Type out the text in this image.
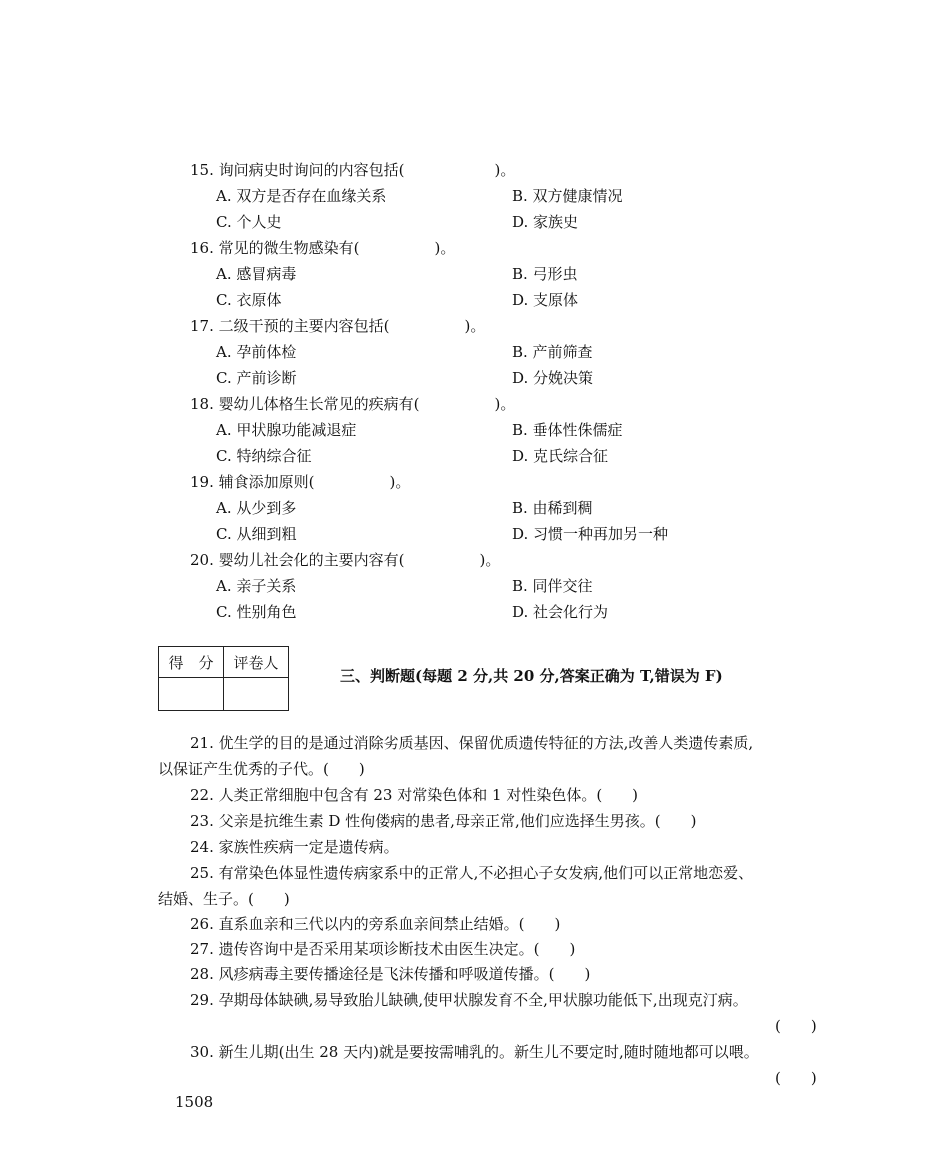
15. 询问病史时询问的内容包括(　　　　　　)。
A. 双方是否存在血缘关系	B. 双方健康情况
C. 个人史	D. 家族史
16. 常见的微生物感染有(　　　　　)。
A. 感冒病毒	B. 弓形虫
C. 衣原体	D. 支原体
17. 二级干预的主要内容包括(　　　　　)。
A. 孕前体检	B. 产前筛查
C. 产前诊断	D. 分娩决策
18. 婴幼儿体格生长常见的疾病有(　　　　　)。
A. 甲状腺功能减退症	B. 垂体性侏儒症
C. 特纳综合征	D. 克氏综合征
19. 辅食添加原则(　　　　　)。
A. 从少到多	B. 由稀到稠
C. 从细到粗	D. 习惯一种再加另一种
20. 婴幼儿社会化的主要内容有(　　　　　)。
A. 亲子关系	B. 同伴交往
C. 性别角色	D. 社会化行为
得　分	评卷人

三、判断题(每题 2 分,共 20 分,答案正确为 T,错误为 F)
21. 优生学的目的是通过消除劣质基因、保留优质遗传特征的方法,改善人类遗传素质,
以保证产生优秀的子代。(　　)
22. 人类正常细胞中包含有 23 对常染色体和 1 对性染色体。(　　)
23. 父亲是抗维生素 D 性佝偻病的患者,母亲正常,他们应选择生男孩。(　　)
24. 家族性疾病一定是遗传病。
25. 有常染色体显性遗传病家系中的正常人,不必担心子女发病,他们可以正常地恋爱、
结婚、生子。(　　)
26. 直系血亲和三代以内的旁系血亲间禁止结婚。(　　)
27. 遗传咨询中是否采用某项诊断技术由医生决定。(　　)
28. 风疹病毒主要传播途径是飞沫传播和呼吸道传播。(　　)
29. 孕期母体缺碘,易导致胎儿缺碘,使甲状腺发育不全,甲状腺功能低下,出现克汀病。
(　　)
30. 新生儿期(出生 28 天内)就是要按需哺乳的。新生儿不要定时,随时随地都可以喂。
(　　)
1508
